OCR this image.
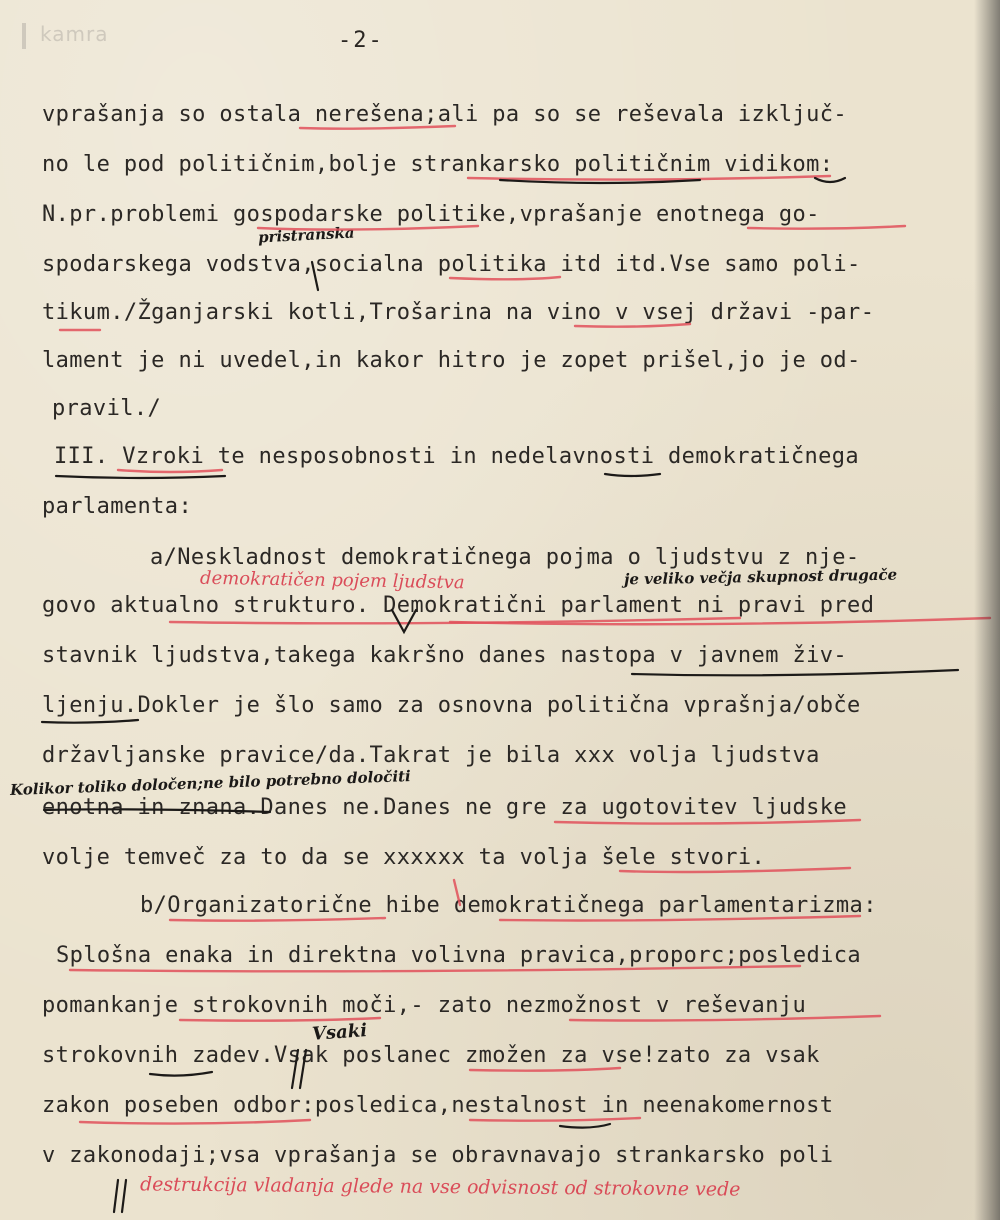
kamra	-2-
vprašanja so ostala nerešena;ali pa so se reševala izključ-
no le pod političnim,bolje strankarsko političnim vidikom:
N.pr.problemi gospodarske politike,vprašanje enotnega go-
spodarskega vodstva,socialna politika itd itd.Vse samo poli-
tikum./Žganjarski kotli,Trošarina na vino v vsej državi -par-
lament je ni uvedel,in kakor hitro je zopet prišel,jo je od-
pravil./
III. Vzroki te nesposobnosti in nedelavnosti demokratičnega
parlamenta:
a/Neskladnost demokratičnega pojma o ljudstvu z nje-
govo aktualno strukturo. Demokratični parlament ni pravi pred
stavnik ljudstva,takega kakršno danes nastopa v javnem živ-
ljenju.Dokler je šlo samo za osnovna politična vprašnja/obče
državljanske pravice/da.Takrat je bila xxx volja ljudstva
enotna in znana.Danes ne.Danes ne gre za ugotovitev ljudske
volje temveč za to da se xxxxxx ta volja šele stvori.
b/Organizatorične hibe demokratičnega parlamentarizma:
Splošna enaka in direktna volivna pravica,proporc;posledica
pomankanje strokovnih moči,- zato nezmožnost v reševanju
strokovnih zadev.Vsak poslanec zmožen za vse!zato za vsak
zakon poseben odbor:posledica,nestalnost in neenakomernost
v zakonodaji;vsa vprašanja se obravnavajo strankarsko poli
pristranska
demokratičen pojem ljudstva	je veliko večja skupnost drugače
Kolikor toliko določen;ne bilo potrebno določiti
Vsaki
destrukcija vladanja glede na vse odvisnost od strokovne vede
